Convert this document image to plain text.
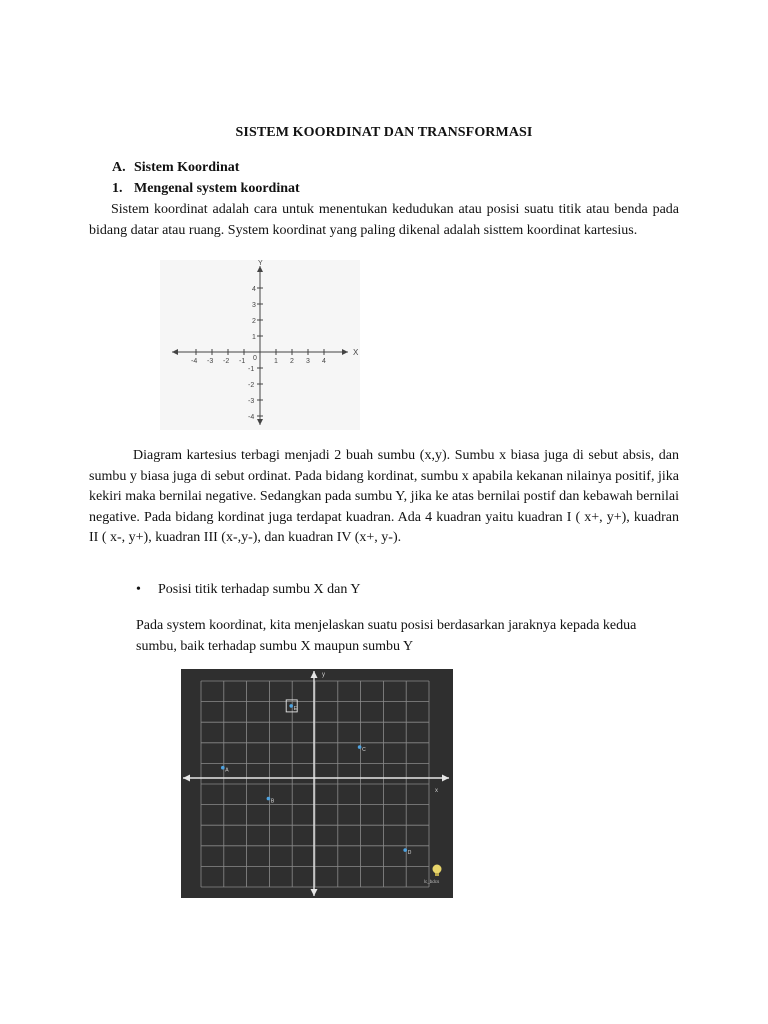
SISTEM KOORDINAT DAN TRANSFORMASI
A. Sistem Koordinat
1. Mengenal system koordinat
Sistem koordinat adalah cara untuk menentukan kedudukan atau posisi suatu titik atau benda pada bidang datar atau ruang. System koordinat yang paling dikenal adalah sisttem koordinat kartesius.
X
Y
0
-4 -3 -2 -1	1 2 3 4
4
3
2
1
-1
-2
-3
-4
Diagram kartesius terbagi menjadi 2 buah sumbu (x,y). Sumbu x biasa juga di sebut absis, dan sumbu y biasa juga di sebut ordinat. Pada bidang kordinat, sumbu x apabila kekanan nilainya positif, jika kekiri maka bernilai negative. Sedangkan pada sumbu Y, jika ke atas bernilai postif dan kebawah bernilai negative. Pada bidang kordinat juga terdapat kuadran. Ada 4 kuadran yaitu kuadran I ( x+, y+), kuadran II ( x-, y+), kuadran III (x-,y-), dan kuadran IV (x+, y-).
• Posisi titik terhadap sumbu X dan Y
Pada system koordinat, kita menjelaskan suatu posisi berdasarkan jaraknya kepada kedua sumbu, baik terhadap sumbu X maupun sumbu Y
x
y
A
B
C
D
E
lc_bdcs
